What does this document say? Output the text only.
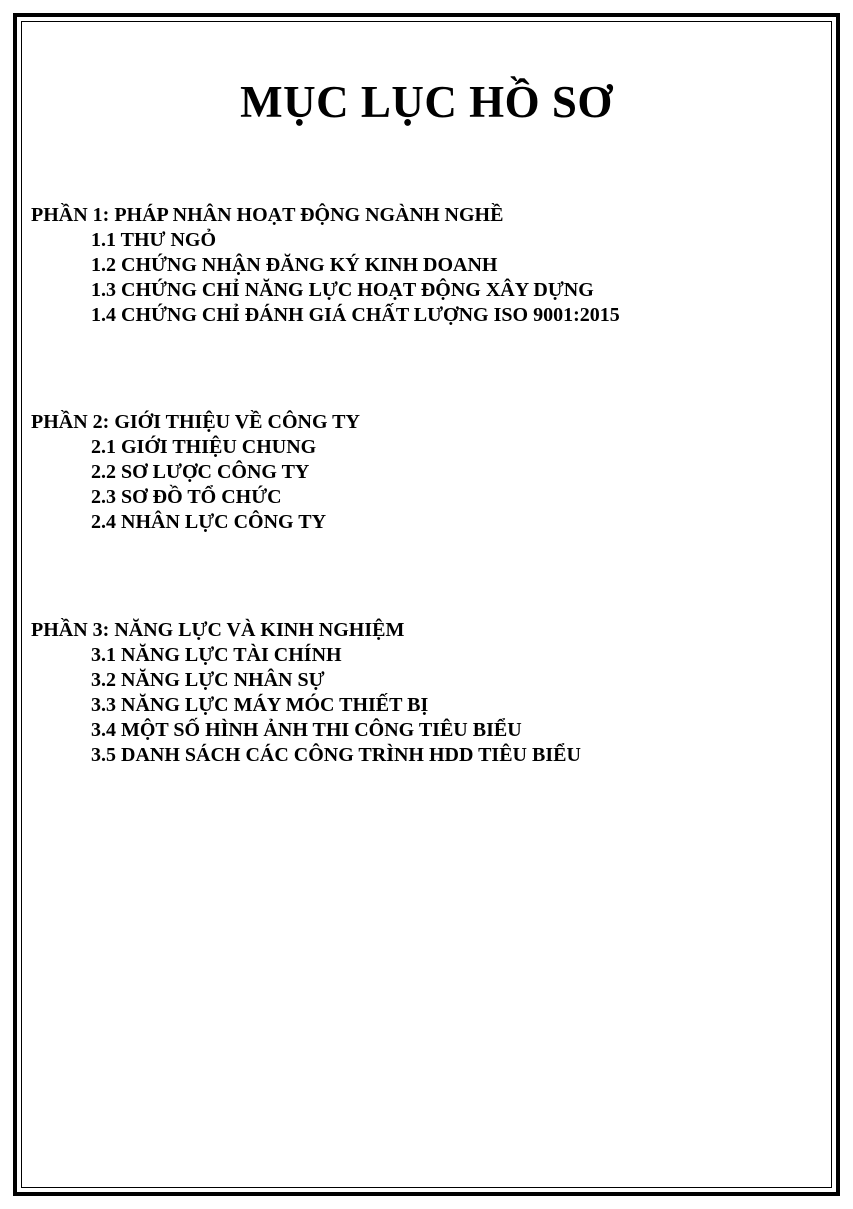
MỤC LỤC HỒ SƠ
PHẦN 1: PHÁP NHÂN HOẠT ĐỘNG NGÀNH NGHỀ
1.1 THƯ NGỎ
1.2 CHỨNG NHẬN ĐĂNG KÝ KINH DOANH
1.3 CHỨNG CHỈ NĂNG LỰC HOẠT ĐỘNG XÂY DỰNG
1.4 CHỨNG CHỈ ĐÁNH GIÁ CHẤT LƯỢNG ISO 9001:2015
PHẦN 2: GIỚI THIỆU VỀ CÔNG TY
2.1 GIỚI THIỆU CHUNG
2.2 SƠ LƯỢC CÔNG TY
2.3 SƠ ĐỒ TỔ CHỨC
2.4 NHÂN LỰC CÔNG TY
PHẦN 3: NĂNG LỰC VÀ KINH NGHIỆM
3.1 NĂNG LỰC TÀI CHÍNH
3.2 NĂNG LỰC NHÂN SỰ
3.3 NĂNG LỰC MÁY MÓC THIẾT BỊ
3.4 MỘT SỐ HÌNH ẢNH THI CÔNG TIÊU BIỂU
3.5 DANH SÁCH CÁC CÔNG TRÌNH HDD TIÊU BIỂU
